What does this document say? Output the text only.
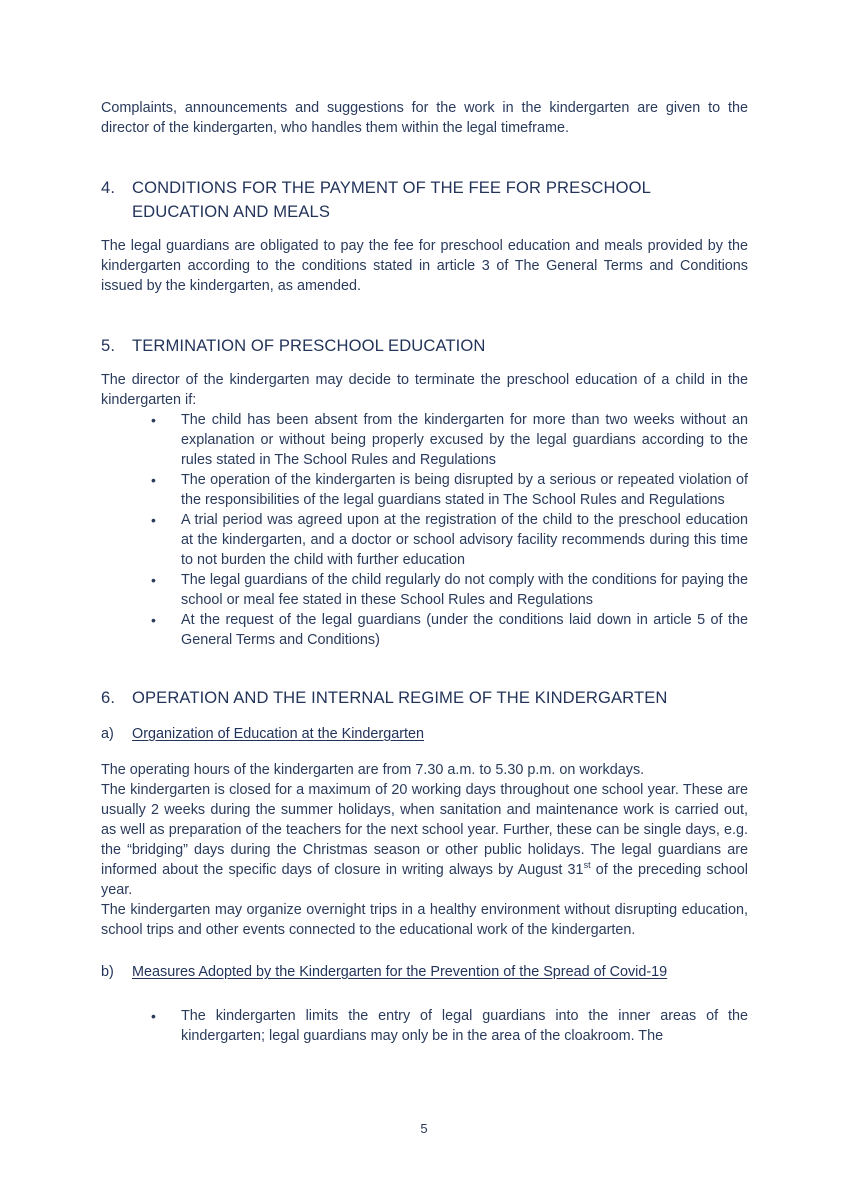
Complaints, announcements and suggestions for the work in the kindergarten are given to the director of the kindergarten, who handles them within the legal timeframe.

4.	CONDITIONS FOR THE PAYMENT OF THE FEE FOR PRESCHOOL EDUCATION AND MEALS

The legal guardians are obligated to pay the fee for preschool education and meals provided by the kindergarten according to the conditions stated in article 3 of The General Terms and Conditions issued by the kindergarten, as amended.

5.	TERMINATION OF PRESCHOOL EDUCATION

The director of the kindergarten may decide to terminate the preschool education of a child in the kindergarten if:

•	The child has been absent from the kindergarten for more than two weeks without an explanation or without being properly excused by the legal guardians according to the rules stated in The School Rules and Regulations
•	The operation of the kindergarten is being disrupted by a serious or repeated violation of the responsibilities of the legal guardians stated in The School Rules and Regulations
•	A trial period was agreed upon at the registration of the child to the preschool education at the kindergarten, and a doctor or school advisory facility recommends during this time to not burden the child with further education
•	The legal guardians of the child regularly do not comply with the conditions for paying the school or meal fee stated in these School Rules and Regulations
•	At the request of the legal guardians (under the conditions laid down in article 5 of the General Terms and Conditions)
6.	OPERATION AND THE INTERNAL REGIME OF THE KINDERGARTEN
a)	Organization of Education at the Kindergarten

The operating hours of the kindergarten are from 7.30 a.m. to 5.30 p.m. on workdays.

The kindergarten is closed for a maximum of 20 working days throughout one school year. These are usually 2 weeks during the summer holidays, when sanitation and maintenance work is carried out, as well as preparation of the teachers for the next school year. Further, these can be single days, e.g. the “bridging” days during the Christmas season or other public holidays. The legal guardians are informed about the specific days of closure in writing always by August 31st of the preceding school year.

The kindergarten may organize overnight trips in a healthy environment without disrupting education, school trips and other events connected to the educational work of the kindergarten.

b)	Measures Adopted by the Kindergarten for the Prevention of the Spread of Covid-19
•	The kindergarten limits the entry of legal guardians into the inner areas of the kindergarten; legal guardians may only be in the area of the cloakroom. The
5
